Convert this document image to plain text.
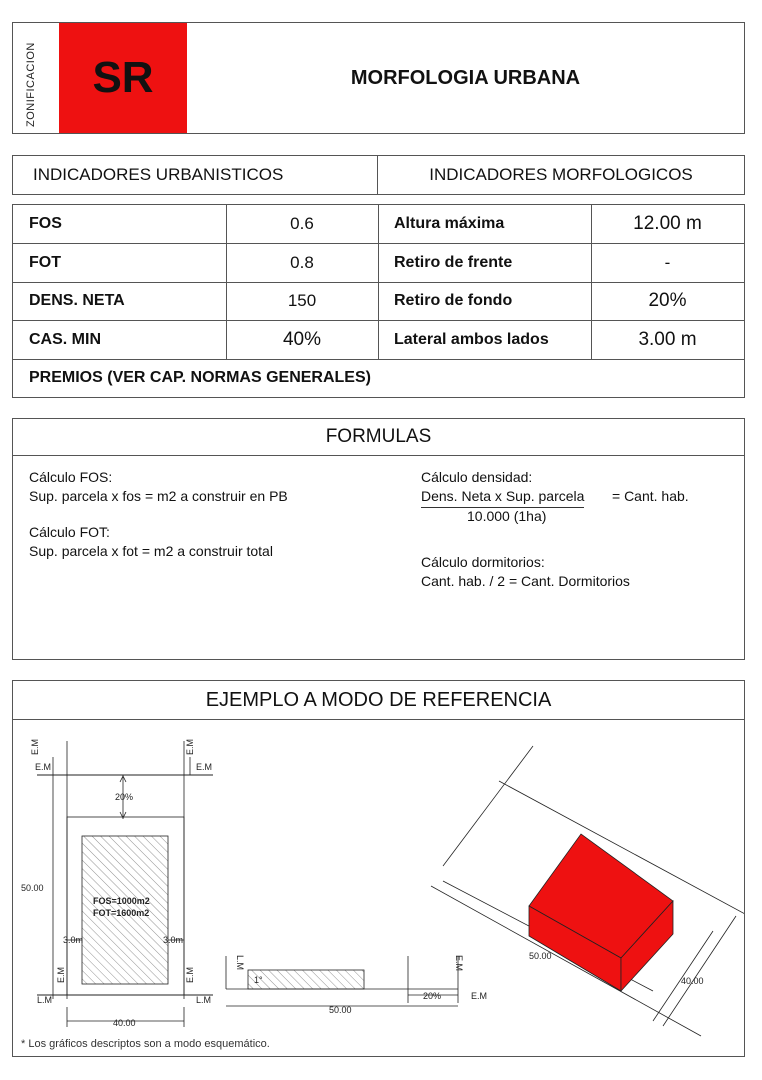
ZONIFICACION	SR	MORFOLOGIA URBANA
INDICADORES URBANISTICOS	INDICADORES MORFOLOGICOS
FOS	0.6	Altura máxima	12.00 m
FOT	0.8	Retiro de frente	-
DENS. NETA	150	Retiro de fondo	20%
CAS. MIN	40%	Lateral ambos lados	3.00 m
PREMIOS (VER CAP. NORMAS GENERALES)
FORMULAS
Cálculo FOS:
Sup. parcela x fos = m2 a construir en PB
Cálculo FOT:
Sup. parcela x fot = m2 a construir total
Cálculo densidad:
Dens. Neta x Sup. parcela = Cant. hab.
10.000 (1ha)
Cálculo dormitorios:
Cant. hab. / 2 = Cant. Dormitorios
EJEMPLO A MODO DE REFERENCIA
E.M	E.M
E.M	E.M
20%
50.00
FOS=1000m2
FOT=1600m2
3.0m	3.0m
E.M	E.M
L.M	L.M
40.00
L.M
1°
E.M
20%	E.M
50.00
50.00
40.00
* Los gráficos descriptos son a modo esquemático.
